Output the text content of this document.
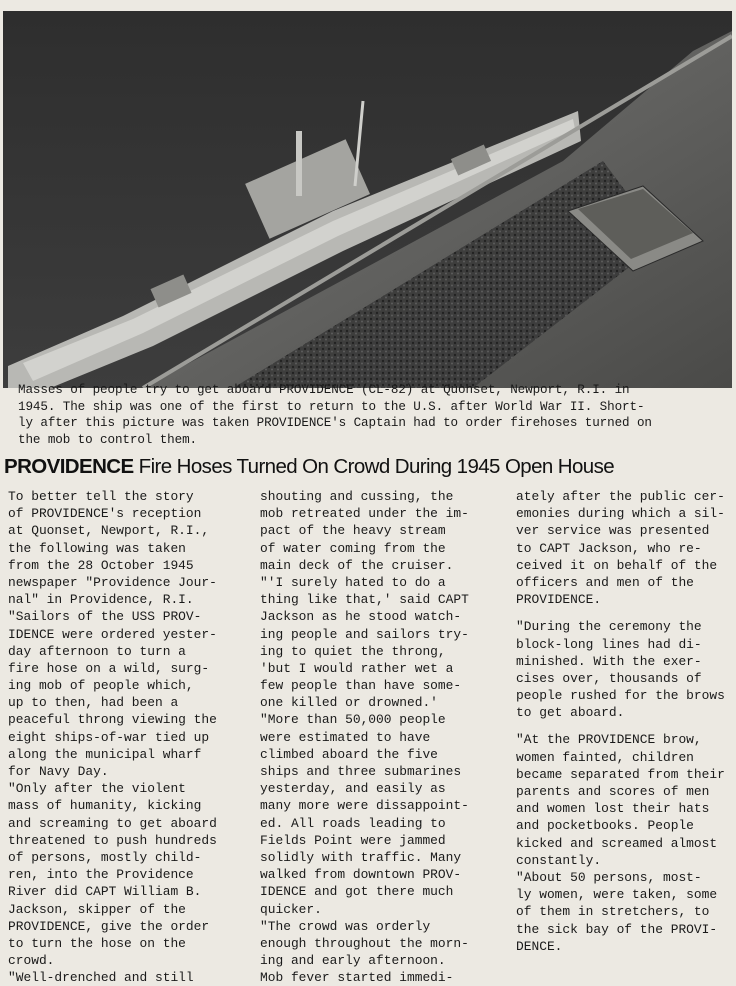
Masses of people try to get aboard PROVIDENCE (CL-82) at Quonset, Newport, R.I. in
1945. The ship was one of the first to return to the U.S. after World War II. Short-
ly after this picture was taken PROVIDENCE's Captain had to order firehoses turned on
the mob to control them.
PROVIDENCE Fire Hoses Turned On Crowd During 1945 Open House
To better tell the story
of PROVIDENCE's reception
at Quonset, Newport, R.I.,
the following was taken
from the 28 October 1945
newspaper "Providence Jour-
nal" in Providence, R.I.
"Sailors of the USS PROV-
IDENCE were ordered yester-
day afternoon to turn a
fire hose on a wild, surg-
ing mob of people which,
up to then, had been a
peaceful throng viewing the
eight ships-of-war tied up
along the municipal wharf
for Navy Day.
"Only after the violent
mass of humanity, kicking
and screaming to get aboard
threatened to push hundreds
of persons, mostly child-
ren, into the Providence
River did CAPT William B.
Jackson, skipper of the
PROVIDENCE, give the order
to turn the hose on the
crowd.
"Well-drenched and still
shouting and cussing, the
mob retreated under the im-
pact of the heavy stream
of water coming from the
main deck of the cruiser.
"'I surely hated to do a
thing like that,' said CAPT
Jackson as he stood watch-
ing people and sailors try-
ing to quiet the throng,
'but I would rather wet a
few people than have some-
one killed or drowned.'
"More than 50,000 people
were estimated to have
climbed aboard the five
ships and three submarines
yesterday, and easily as
many more were dissappoint-
ed. All roads leading to
Fields Point were jammed
solidly with traffic. Many
walked from downtown PROV-
IDENCE and got there much
quicker.
"The crowd was orderly
enough throughout the morn-
ing and early afternoon.
Mob fever started immedi-
ately after the public cer-
emonies during which a sil-
ver service was presented
to CAPT Jackson, who re-
ceived it on behalf of the
officers and men of the
PROVIDENCE.
"During the ceremony the
block-long lines had di-
minished. With the exer-
cises over, thousands of
people rushed for the brows
to get aboard.
"At the PROVIDENCE brow,
women fainted, children
became separated from their
parents and scores of men
and women lost their hats
and pocketbooks. People
kicked and screamed almost
constantly.
"About 50 persons, most-
ly women, were taken, some
of them in stretchers, to
the sick bay of the PROVI-
DENCE.
